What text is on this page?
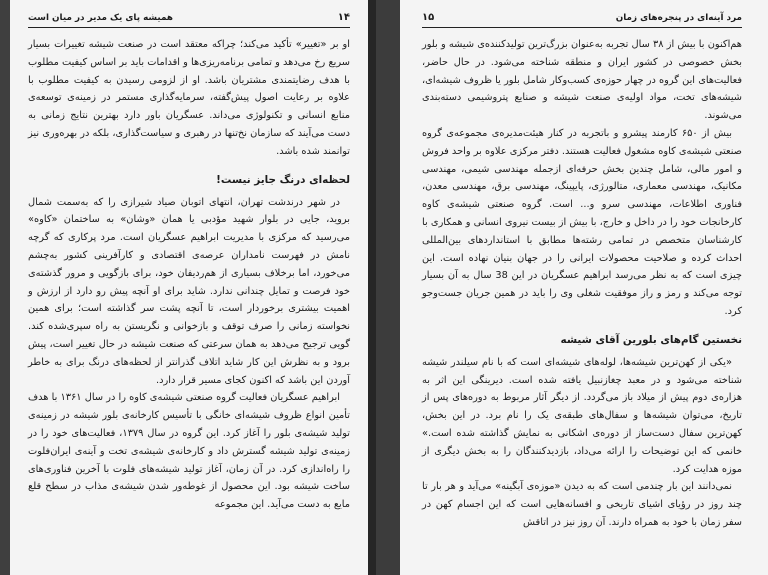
۱۴
همیشه پای یک مدیر در میان است

او بر «تغییر» تأکید می‌کند؛ چراکه معتقد است در صنعت شیشه تغییرات بسیار سریع رخ می‌دهد و تمامی برنامه‌ریزی‌ها و اقدامات باید بر اساس کیفیت مطلوب با هدف رضایتمندی مشتریان باشد. او از لزومی رسیدن به کیفیت مطلوب با علاوه بر رعایت اصول پیش‌گفته، سرمایه‌گذاری مستمر در زمینه‌ی توسعه‌ی منابع انسانی و تکنولوژی می‌داند. عسگریان باور دارد بهترین نتایج زمانی به دست می‌آیند که سازمان نخ‌تنها در رهبری و سیاست‌گذاری، بلکه در بهره‌وری نیز توانمند شده باشد.

لحظه‌ای درنگ جایز نیست!

در شهر درندشت تهران، انتهای اتوبان صیاد شیرازی را که به‌سمت شمال بروید، جایی در بلوار شهید مؤدبی یا همان «وشان» به ساختمان «کاوه» می‌رسید که مرکزی با مدیریت ابراهیم عسگریان است. مرد پرکاری که گرچه نامش در فهرست نامداران عرصه‌ی اقتصادی و کارآفرینی کشور به‌چشم می‌خورد، اما برخلاف بسیاری از هم‌ردیفان خود، برای بازگویی و مرور گذشته‌ی خود فرصت و تمایل چندانی ندارد. شاید برای او آنچه پیش رو دارد از ارزش و اهمیت بیشتری برخوردار است، تا آنچه پشت سر گذاشته است؛ برای همین نخواسته زمانی را صرف توقف و بازخوانی و نگریستن به راه سپری‌شده کند. گویی ترجیح می‌دهد به همان سرعتی که صنعت شیشه در حال تغییر است، پیش برود و به نظرش این کار شاید اتلاف گذرانتر از لحظه‌های درنگ برای به خاطر آوردن این باشد که اکنون کجای مسیر قرار دارد.

ابراهیم عسگریان فعالیت گروه صنعتی شیشه‌ی کاوه را در سال ۱۳۶۱ با هدف تأمین انواع ظروف شیشه‌ای خانگی با تأسیس کارخانه‌ی بلور شیشه در زمینه‌ی تولید شیشه‌ی بلور را آغاز کرد. این گروه در سال ۱۳۷۹، فعالیت‌های خود را در زمینه‌ی تولید شیشه گسترش داد و کارخانه‌ی شیشه‌ی تخت و آینه‌ی ایران‌فلوت را راه‌اندازی کرد. در آن زمان، آغاز تولید شیشه‌های فلوت با آخرین فناوری‌های ساخت شیشه بود. این محصول از غوطه‌ور شدن شیشه‌ی مذاب در سطح قلع مایع به دست می‌آید. این مجموعه

مرد آینه‌ای در پنجره‌های زمان
۱۵

هم‌اکنون با بیش از ۳۸ سال تجربه به‌عنوان بزرگ‌ترین تولیدکننده‌ی شیشه و بلور بخش خصوصی در کشور ایران و منطقه شناخته می‌شود. در حال حاضر، فعالیت‌های این گروه در چهار حوزه‌ی کسب‌وکار شامل بلور یا ظروف شیشه‌ای، شیشه‌های تخت، مواد اولیه‌ی صنعت شیشه و صنایع پتروشیمی دسته‌بندی می‌شوند.

بیش از ۶۵۰ کارمند پیشرو و باتجربه در کنار هیئت‌مدیره‌ی مجموعه‌ی گروه صنعتی شیشه‌ی کاوه مشغول فعالیت هستند. دفتر مرکزی علاوه بر واحد فروش و امور مالی، شامل چندین بخش حرفه‌ای ازجمله مهندسی شیمی، مهندسی مکانیک، مهندسی معماری، متالورژی، پایپینگ، مهندسی برق، مهندسی معدن، فناوری اطلاعات، مهندسی سرو و... است. گروه صنعتی شیشه‌ی کاوه کارخانجات خود را در داخل و خارج، با بیش از بیست نیروی انسانی و همکاری با کارشناسان متخصص در تمامی رشته‌ها مطابق با استانداردهای بین‌المللی احداث کرده و صلاحیت محصولات ایرانی را در جهان بنیان نهاده است. این چیزی است که به نظر می‌رسد ابراهیم عسگریان در این 38 سال به آن بسیار توجه می‌کند و رمز و راز موفقیت شغلی وی را باید در همین جریان جست‌وجو کرد.

نخستین گام‌های بلورین آقای شیشه

«یکی از کهن‌ترین شیشه‌ها، لوله‌های شیشه‌ای است که با نام سیلندر شیشه شناخته می‌شود و در معبد چغازنبیل یافته شده است. دیرینگی این اثر به هزاره‌ی دوم پیش از میلاد باز می‌گردد. از دیگر آثار مربوط به دوره‌های پس از تاریخ، می‌توان شیشه‌ها و سفال‌های طبقه‌ی یک را نام برد. در این بخش، کهن‌ترین سفال دست‌ساز از دوره‌ی اشکانی به نمایش گذاشته شده است.» خانمی که این توضیحات را ارائه می‌داد، بازدیدکنندگان را به بخش دیگری از موزه هدایت کرد.

نمی‌دانند این بار چندمی است که به دیدن «موزه‌ی آبگینه» می‌آید و هر بار تا چند روز در رؤیای اشیای تاریخی و افسانه‌هایی است که این اجسام کهن در سفر زمان با خود به همراه دارند. آن روز نیز در اتاقش
